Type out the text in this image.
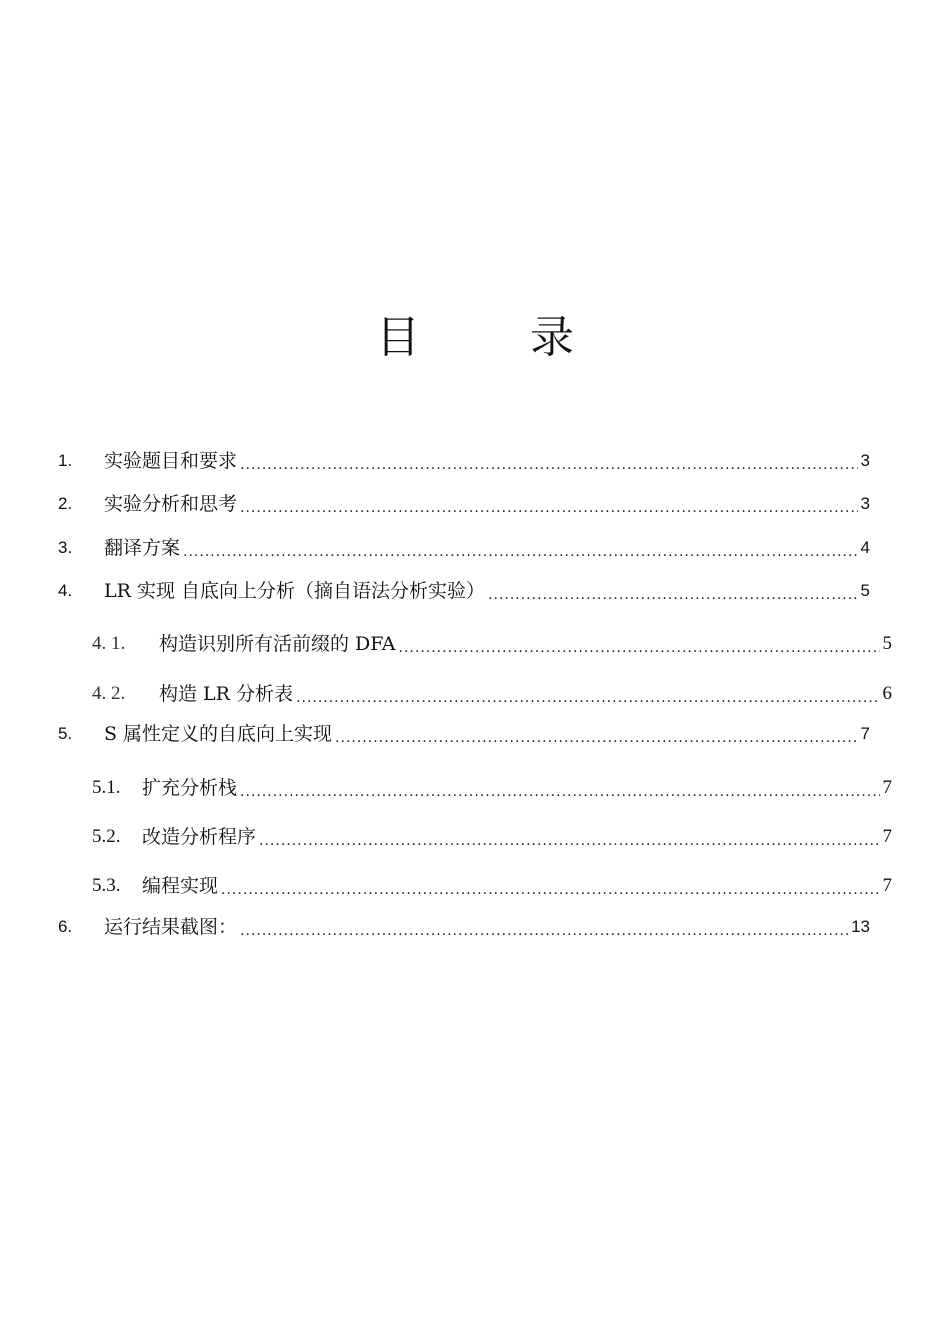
目 录
1.	实验题目和要求 .....	3
2.	实验分析和思考 .....	3
3.	翻译方案 .....	4
4.	LR 实现 自底向上分析（摘自语法分析实验） .....	5
4. 1.	构造识别所有活前缀的 DFA .....	5
4. 2.	构造 LR 分析表 .....	6
5.	S 属性定义的自底向上实现 .....	7
5.1.	扩充分析栈 .....	7
5.2.	改造分析程序 .....	7
5.3.	编程实现 .....	7
6.	运行结果截图： .....	13
